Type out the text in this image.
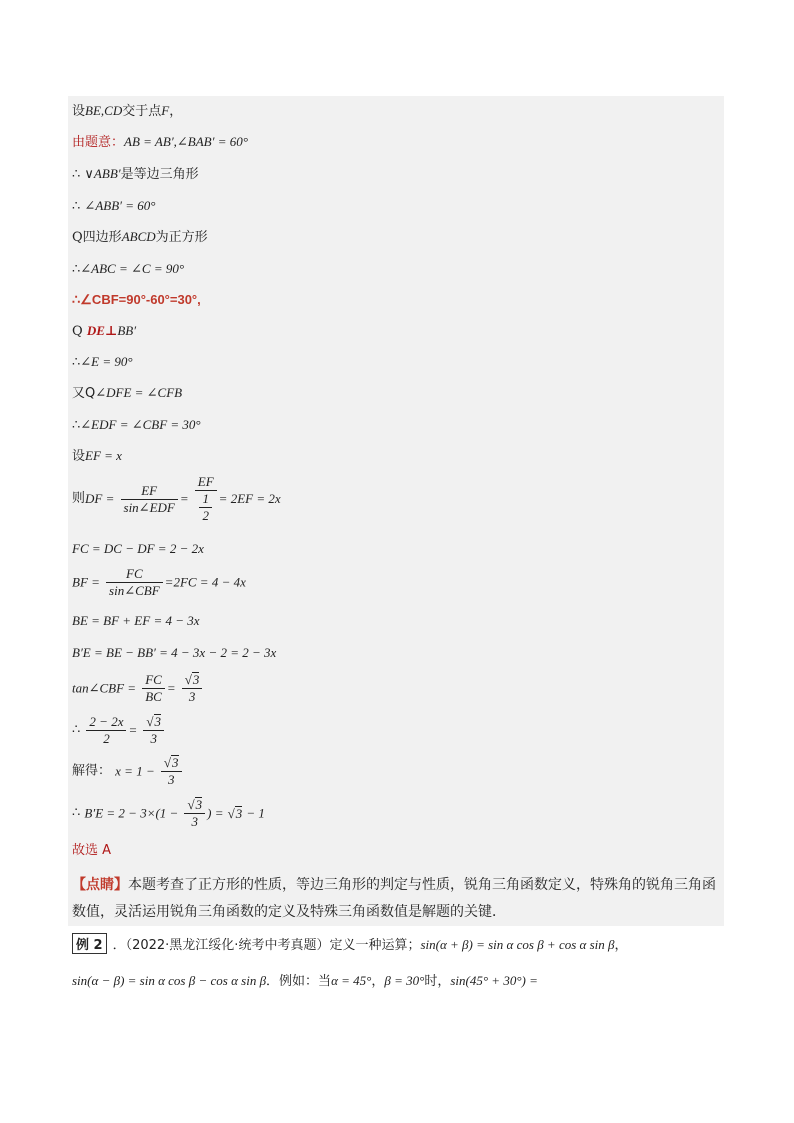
设BE,CD交于点F，
由题意：AB = AB′,∠BAB′ = 60°
∴ ∨ABB′是等边三角形
∴ ∠ABB′ = 60°
Q四边形ABCD为正方形
∴∠ABC = ∠C = 90°
∴∠CBF=90°-60°=30°,
Q DE⊥BB′
∴∠E = 90°
又Q∠DFE = ∠CFB
∴∠EDF = ∠CBF = 30°
设EF = x
则DF = $\frac{EF}{\text{sin∠EDF}} = \frac{EF}{\frac{1}{2}} = 2EF = 2x$
FC = DC − DF = 2 − 2x
BF = $\frac{FC}{\text{sin∠CBF}} =2FC = 4 - 4x$
BE = BF + EF = 4 − 3x
B′E = BE − BB′ = 4 − 3x − 2 = 2 − 3x
tan∠CBF = $\frac{FC}{BC} = \frac{√3}{3}$
∴ $\frac{2 - 2x}{2} = \frac{√3}{3}$
解得： $x = 1 - \frac{√3}{3}$
∴ $B'E = 2 - 3\times(1 - \frac{√3}{3}$ ) = √3 − 1
故选 A
【点睛】本题考查了正方形的性质，等边三角形的判定与性质，锐角三角函数定义，特殊角的锐角三角函数值，灵活运用锐角三角函数的定义及特殊三角函数值是解题的关键．
例 2 ．（2022·黑龙江绥化·统考中考真题）定义一种运算；sin(α + β) = sin α cos β + cos α sin β，
sin(α − β) = sin α cos β − cos α sin β．例如：当α = 45°，β = 30°时，sin(45° + 30°) =
